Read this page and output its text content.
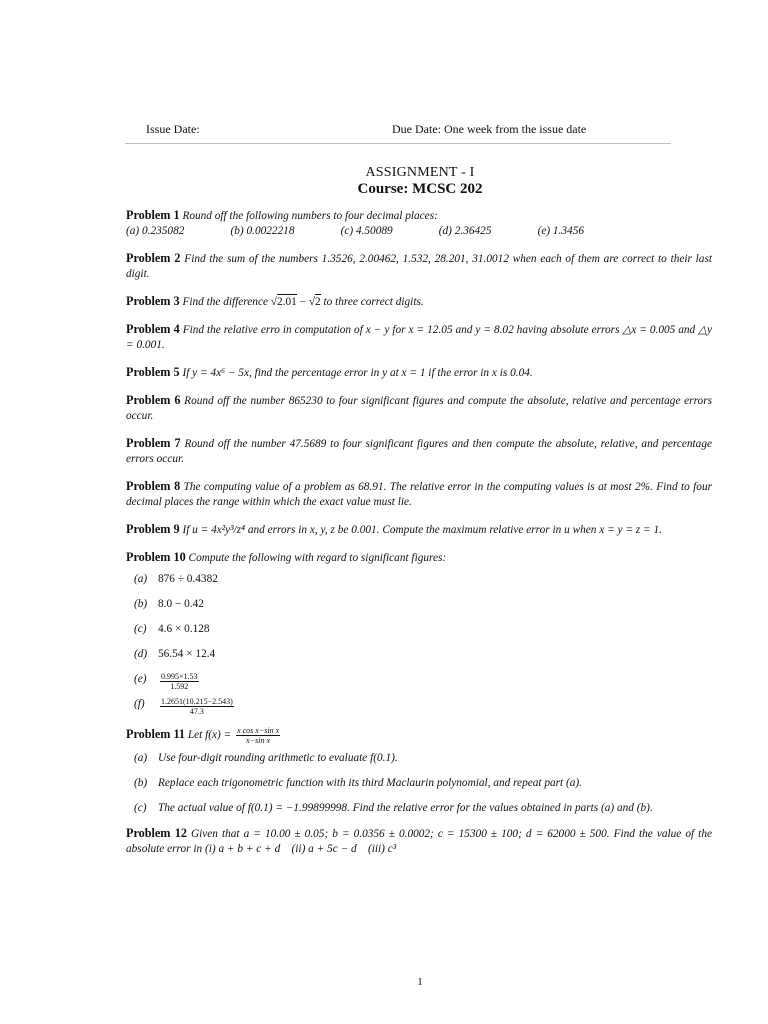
Issue Date:	Due Date: One week from the issue date
ASSIGNMENT - I
Course: MCSC 202
Problem 1 Round off the following numbers to four decimal places:
(a) 0.235082	(b) 0.0022218	(c) 4.50089	(d) 2.36425	(e) 1.3456
Problem 2 Find the sum of the numbers 1.3526, 2.00462, 1.532, 28.201, 31.0012 when each of them are correct to their last digit.
Problem 3 Find the difference √2.01 − √2 to three correct digits.
Problem 4 Find the relative erro in computation of x − y for x = 12.05 and y = 8.02 having absolute errors △x = 0.005 and △y = 0.001.
Problem 5 If y = 4x⁶ − 5x, find the percentage error in y at x = 1 if the error in x is 0.04.
Problem 6 Round off the number 865230 to four significant figures and compute the absolute, relative and percentage errors occur.
Problem 7 Round off the number 47.5689 to four significant figures and then compute the absolute, relative, and percentage errors occur.
Problem 8 The computing value of a problem as 68.91. The relative error in the computing values is at most 2%. Find to four decimal places the range within which the exact value must lie.
Problem 9 If u = 4x²y³/z⁴ and errors in x, y, z be 0.001. Compute the maximum relative error in u when x = y = z = 1.
Problem 10 Compute the following with regard to significant figures:
(a) 876 ÷ 0.4382
(b) 8.0 − 0.42
(c)	4.6 × 0.128
(d) 56.54 × 12.4
(e)	$\frac{0.995\times 1.53}{1.592}$
(f)	$\frac{1.2651(10.215-2.543)}{47.3}$
Problem 11 Let $f(x) = \frac{\text{x cos x−sin x}}{\text{x−sin x}}$
(a) Use four-digit rounding arithmetic to evaluate f(0.1).
(b) Replace each trigonometric function with its third Maclaurin polynomial, and repeat part (a).
(c)	The actual value of f(0.1) = −1.99899998. Find the relative error for the values obtained in parts (a) and (b).
Problem 12 Given that a = 10.00 ± 0.05; b = 0.0356 ± 0.0002; c = 15300 ± 100; d = 62000 ± 500. Find the value of the absolute error in (i) a + b + c + d    (ii) a + 5c − d    (iii) c³
1
